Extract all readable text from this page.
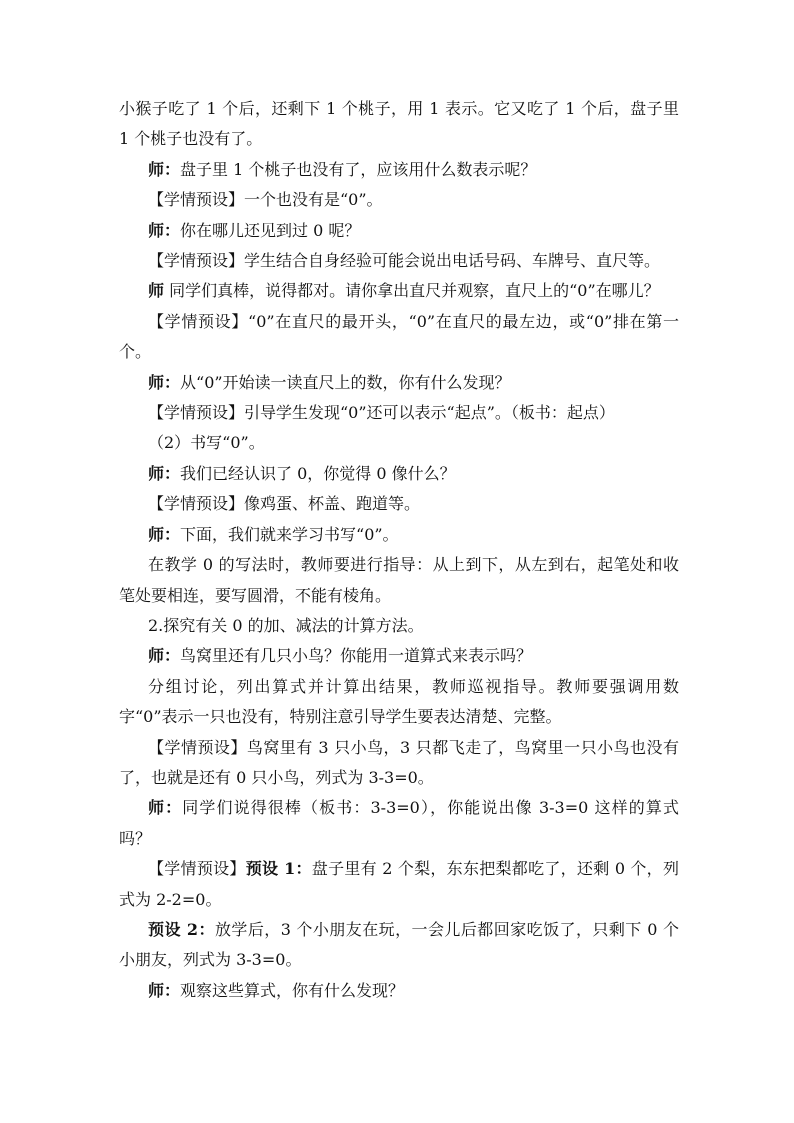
小猴子吃了 1 个后，还剩下 1 个桃子，用 1 表示。它又吃了 1 个后，盘子里 1 个桃子也没有了。

师：盘子里 1 个桃子也没有了，应该用什么数表示呢？

【学情预设】一个也没有是“0”。

师：你在哪儿还见到过 0 呢？

【学情预设】学生结合自身经验可能会说出电话号码、车牌号、直尺等。

师 同学们真棒，说得都对。请你拿出直尺并观察，直尺上的“0”在哪儿？

【学情预设】“0”在直尺的最开头，“0”在直尺的最左边，或“0”排在第一个。

师：从“0”开始读一读直尺上的数，你有什么发现？

【学情预设】引导学生发现“0”还可以表示“起点”。（板书：起点）

（2）书写“0”。

师：我们已经认识了 0，你觉得 0 像什么？

【学情预设】像鸡蛋、杯盖、跑道等。

师：下面，我们就来学习书写“0”。

在教学 0 的写法时，教师要进行指导：从上到下，从左到右，起笔处和收笔处要相连，要写圆滑，不能有棱角。

2.探究有关 0 的加、减法的计算方法。

师：鸟窝里还有几只小鸟？你能用一道算式来表示吗？

分组讨论，列出算式并计算出结果，教师巡视指导。教师要强调用数字“0”表示一只也没有，特别注意引导学生要表达清楚、完整。

【学情预设】鸟窝里有 3 只小鸟，3 只都飞走了，鸟窝里一只小鸟也没有了，也就是还有 0 只小鸟，列式为 3-3=0。

师：同学们说得很棒（板书：3-3=0），你能说出像 3-3=0 这样的算式吗？

【学情预设】预设 1：盘子里有 2 个梨，东东把梨都吃了，还剩 0 个，列式为 2-2=0。

预设 2：放学后，3 个小朋友在玩，一会儿后都回家吃饭了，只剩下 0 个小朋友，列式为 3-3=0。

师：观察这些算式，你有什么发现？
